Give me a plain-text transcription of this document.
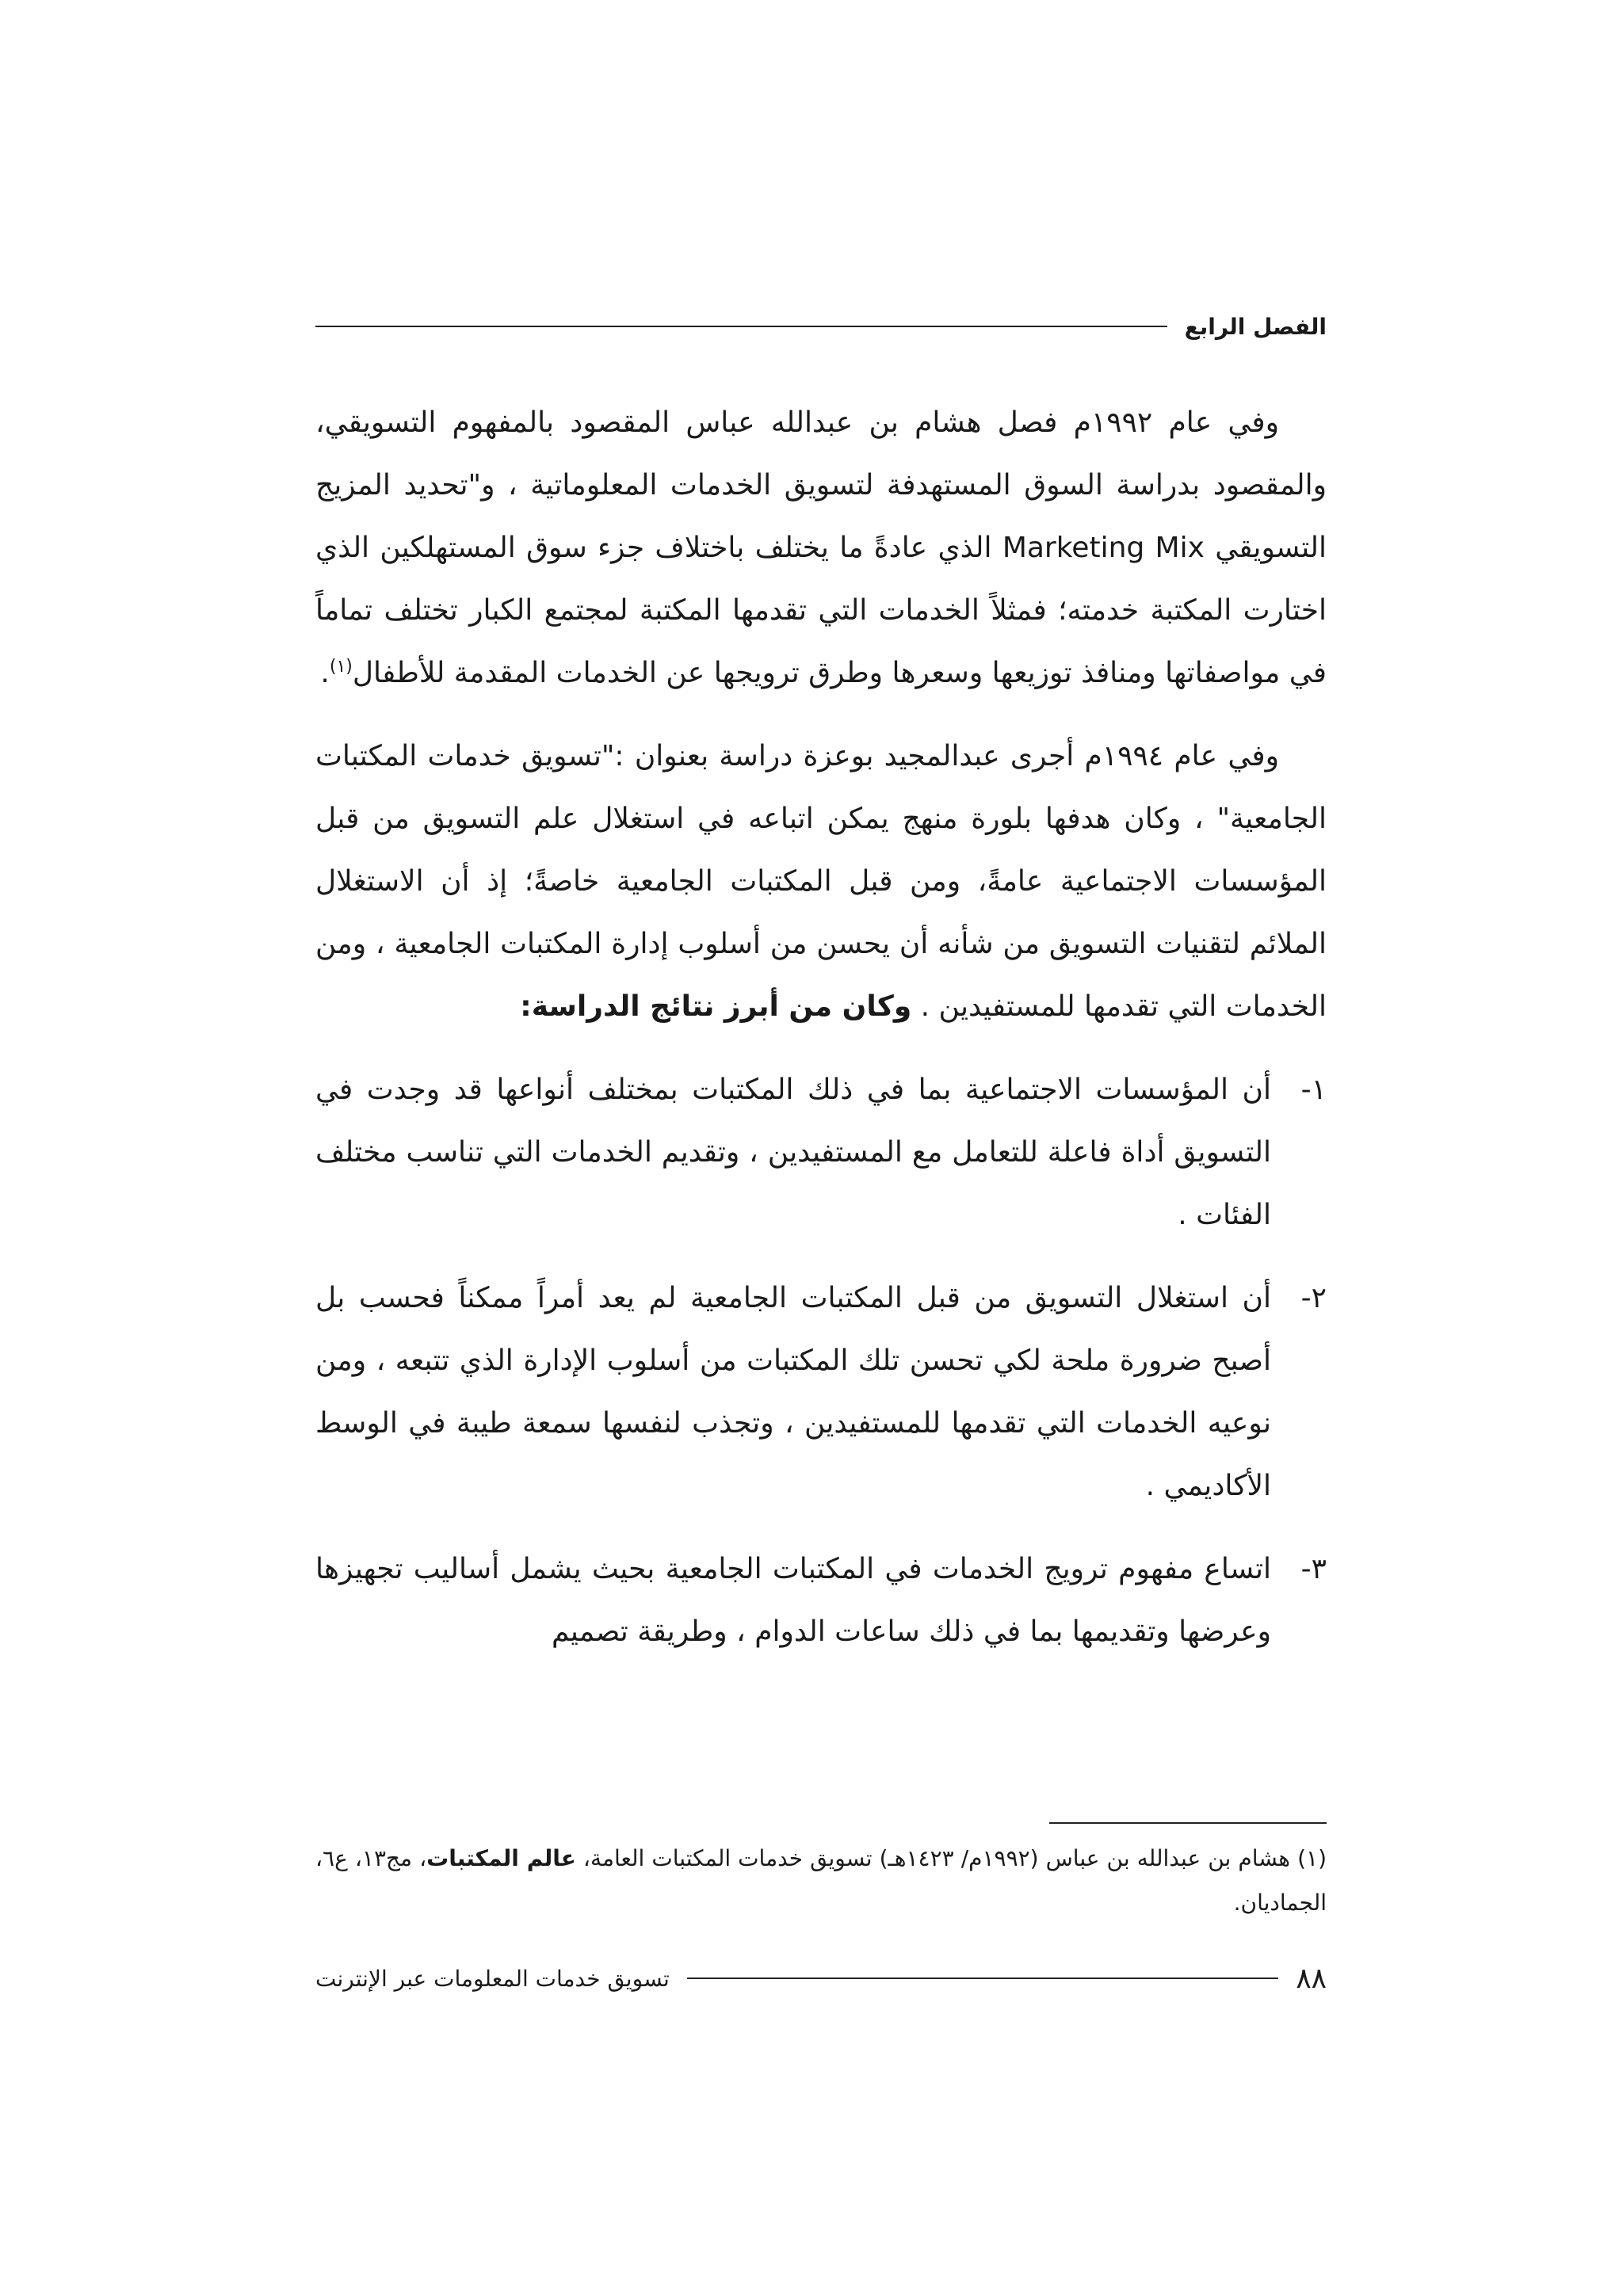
الفصل الرابع

وفي عام ١٩٩٢م فصل هشام بن عبدالله عباس المقصود بالمفهوم التسويقي، والمقصود بدراسة السوق المستهدفة لتسويق الخدمات المعلوماتية ، و"تحديد المزيج التسويقي Marketing Mix الذي عادةً ما يختلف باختلاف جزء سوق المستهلكين الذي اختارت المكتبة خدمته؛ فمثلاً الخدمات التي تقدمها المكتبة لمجتمع الكبار تختلف تماماً في مواصفاتها ومنافذ توزيعها وسعرها وطرق ترويجها عن الخدمات المقدمة للأطفال$^{(١)}$.

وفي عام ١٩٩٤م أجرى عبدالمجيد بوعزة دراسة بعنوان :"تسويق خدمات المكتبات الجامعية" ، وكان هدفها بلورة منهج يمكن اتباعه في استغلال علم التسويق من قبل المؤسسات الاجتماعية عامةً، ومن قبل المكتبات الجامعية خاصةً؛ إذ أن الاستغلال الملائم لتقنيات التسويق من شأنه أن يحسن من أسلوب إدارة المكتبات الجامعية ، ومن الخدمات التي تقدمها للمستفيدين . وكان من أبرز نتائج الدراسة:

١-
أن المؤسسات الاجتماعية بما في ذلك المكتبات بمختلف أنواعها قد وجدت في التسويق أداة فاعلة للتعامل مع المستفيدين ، وتقديم الخدمات التي تناسب مختلف الفئات .
٢-
أن استغلال التسويق من قبل المكتبات الجامعية لم يعد أمراً ممكناً فحسب بل أصبح ضرورة ملحة لكي تحسن تلك المكتبات من أسلوب الإدارة الذي تتبعه ، ومن نوعيه الخدمات التي تقدمها للمستفيدين ، وتجذب لنفسها سمعة طيبة في الوسط الأكاديمي .
٣-
اتساع مفهوم ترويج الخدمات في المكتبات الجامعية بحيث يشمل أساليب تجهيزها وعرضها وتقديمها بما في ذلك ساعات الدوام ، وطريقة تصميم
(١) هشام بن عبدالله بن عباس (١٩٩٢م/ ١٤٢٣هـ) تسويق خدمات المكتبات العامة، عالم المكتبات، مج١٣، ع٦، الجماديان.
٨٨
تسويق خدمات المعلومات عبر الإنترنت
